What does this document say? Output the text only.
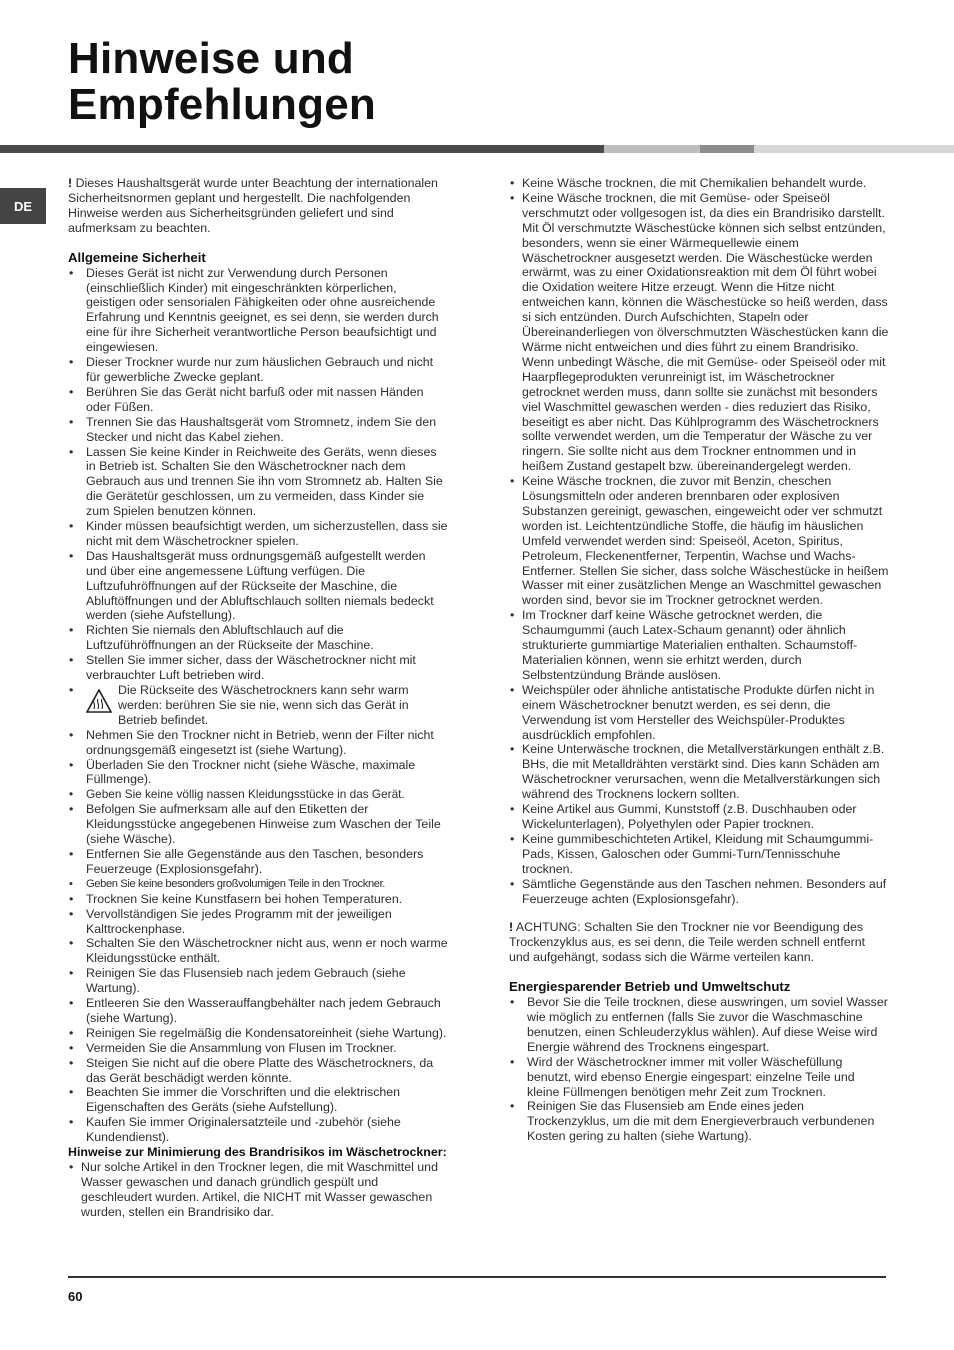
Hinweise und
Empfehlungen
DE

! Dieses Haushaltsgerät wurde unter Beachtung der internationalen Sicherheitsnormen geplant und hergestellt. Die nachfolgenden Hinweise werden aus Sicherheitsgründen geliefert und sind aufmerksam zu beachten.

Allgemeine Sicherheit
• Dieses Gerät ist nicht zur Verwendung durch Personen (einschließlich Kinder) mit eingeschränkten körperlichen, geistigen oder sensorialen Fähigkeiten oder ohne ausreichende Erfahrung und Kenntnis geeignet, es sei denn, sie werden durch eine für ihre Sicherheit verantwortliche Person beaufsichtigt und eingewiesen.
• Dieser Trockner wurde nur zum häuslichen Gebrauch und nicht für gewerbliche Zwecke geplant.
• Berühren Sie das Gerät nicht barfuß oder mit nassen Händen oder Füßen.
• Trennen Sie das Haushaltsgerät vom Stromnetz, indem Sie den Stecker und nicht das Kabel ziehen.
• Lassen Sie keine Kinder in Reichweite des Geräts, wenn dieses in Betrieb ist. Schalten Sie den Wäschetrockner nach dem Gebrauch aus und trennen Sie ihn vom Stromnetz ab. Halten Sie die Gerätetür geschlossen, um zu vermeiden, dass Kinder sie zum Spielen benutzen können.
• Kinder müssen beaufsichtigt werden, um sicherzustellen, dass sie nicht mit dem Wäschetrockner spielen.
• Das Haushaltsgerät muss ordnungsgemäß aufgestellt werden und über eine angemessene Lüftung verfügen. Die Luftzufuhröffnungen auf der Rückseite der Maschine, die Abluftöffnungen und der Abluftschlauch sollten niemals bedeckt werden (siehe Aufstellung).
• Richten Sie niemals den Abluftschlauch auf die Luftzuführöffnungen an der Rückseite der Maschine.
• Stellen Sie immer sicher, dass der Wäschetrockner nicht mit verbrauchter Luft betrieben wird.
•	Die Rückseite des Wäschetrockners kann sehr warm werden: berühren Sie sie nie, wenn sich das Gerät in Betrieb befindet.
• Nehmen Sie den Trockner nicht in Betrieb, wenn der Filter nicht ordnungsgemäß eingesetzt ist (siehe Wartung).
• Überladen Sie den Trockner nicht (siehe Wäsche, maximale Füllmenge).
• Geben Sie keine völlig nassen Kleidungsstücke in das Gerät.
• Befolgen Sie aufmerksam alle auf den Etiketten der Kleidungsstücke angegebenen Hinweise zum Waschen der Teile (siehe Wäsche).
• Entfernen Sie alle Gegenstände aus den Taschen, besonders Feuerzeuge (Explosionsgefahr).
• Geben Sie keine besonders großvolumigen Teile in den Trockner.
• Trocknen Sie keine Kunstfasern bei hohen Temperaturen.
• Vervollständigen Sie jedes Programm mit der jeweiligen Kalttrockenphase.
• Schalten Sie den Wäschetrockner nicht aus, wenn er noch warme Kleidungsstücke enthält.
• Reinigen Sie das Flusensieb nach jedem Gebrauch (siehe Wartung).
• Entleeren Sie den Wasserauffangbehälter nach jedem Gebrauch (siehe Wartung).
• Reinigen Sie regelmäßig die Kondensatoreinheit (siehe Wartung).
• Vermeiden Sie die Ansammlung von Flusen im Trockner.
• Steigen Sie nicht auf die obere Platte des Wäschetrockners, da das Gerät beschädigt werden könnte.
• Beachten Sie immer die Vorschriften und die elektrischen Eigenschaften des Geräts (siehe Aufstellung).
• Kaufen Sie immer Originalersatzteile und -zubehör (siehe Kundendienst).

Hinweise zur Minimierung des Brandrisikos im Wäschetrockner:

• Nur solche Artikel in den Trockner legen, die mit Waschmittel und Wasser gewaschen und danach gründlich gespült und geschleudert wurden. Artikel, die NICHT mit Wasser gewaschen wurden, stellen ein Brandrisiko dar.
• Keine Wäsche trocknen, die mit Chemikalien behandelt wurde.
• Keine Wäsche trocknen, die mit Gemüse- oder Speiseöl verschmutzt oder vollgesogen ist, da dies ein Brandrisiko darstellt. Mit Öl verschmutzte Wäschestücke können sich selbst entzünden, besonders, wenn sie einer Wärmequellewie einem Wäschetrockner ausgesetzt werden. Die Wäschestücke werden erwärmt, was zu einer Oxidationsreaktion mit dem Öl führt wobei die Oxidation weitere Hitze erzeugt. Wenn die Hitze nicht entweichen kann, können die Wäschestücke so heiß werden, dass si sich entzünden. Durch Aufschichten, Stapeln oder Übereinanderliegen von ölverschmutzten Wäschestücken kann die Wärme nicht entweichen und dies führt zu einem Brandrisiko.
Wenn unbedingt Wäsche, die mit Gemüse- oder Speiseöl oder mit Haarpflegeprodukten verunreinigt ist, im Wäschetrockner getrocknet werden muss, dann sollte sie zunächst mit besonders viel Waschmittel gewaschen werden - dies reduziert das Risiko, beseitigt es aber nicht. Das Kühlprogramm des Wäschetrockners sollte verwendet werden, um die Temperatur der Wäsche zu ver ringern. Sie sollte nicht aus dem Trockner entnommen und in heißem Zustand gestapelt bzw. übereinandergelegt werden.
• Keine Wäsche trocknen, die zuvor mit Benzin, cheschen Lösungsmitteln oder anderen brennbaren oder explosiven Substanzen gereinigt, gewaschen, eingeweicht oder ver schmutzt worden ist. Leichtentzündliche Stoffe, die häufig im häuslichen Umfeld verwendet werden sind: Speiseöl, Aceton, Spiritus, Petroleum, Fleckenentferner, Terpentin, Wachse und Wachs-Entferner. Stellen Sie sicher, dass solche Wäschestücke in heißem Wasser mit einer zusätzlichen Menge an Waschmittel gewaschen worden sind, bevor sie im Trockner getrocknet werden.
• Im Trockner darf keine Wäsche getrocknet werden, die Schaumgummi (auch Latex-Schaum genannt) oder ähnlich strukturierte gummiartige Materialien enthalten. Schaumstoff-Materialien können, wenn sie erhitzt werden, durch Selbstentzündung Brände auslösen.
• Weichspüler oder ähnliche antistatische Produkte dürfen nicht in einem Wäschetrockner benutzt werden, es sei denn, die Verwendung ist vom Hersteller des Weichspüler-Produktes ausdrücklich empfohlen.
• Keine Unterwäsche trocknen, die Metallverstärkungen enthält z.B. BHs, die mit Metalldrähten verstärkt sind. Dies kann Schäden am Wäschetrockner verursachen, wenn die Metallverstärkungen sich während des Trocknens lockern sollten.
• Keine Artikel aus Gummi, Kunststoff (z.B. Duschhauben oder Wickelunterlagen), Polyethylen oder Papier trocknen.
• Keine gummibeschichteten Artikel, Kleidung mit Schaumgummi-Pads, Kissen, Galoschen oder Gummi-Turn/Tennisschuhe trocknen.
• Sämtliche Gegenstände aus den Taschen nehmen. Besonders auf Feuerzeuge achten (Explosionsgefahr).

! ACHTUNG: Schalten Sie den Trockner nie vor Beendigung des Trockenzyklus aus, es sei denn, die Teile werden schnell entfernt und aufgehängt, sodass sich die Wärme verteilen kann.

Energiesparender Betrieb und Umweltschutz
• Bevor Sie die Teile trocknen, diese auswringen, um soviel Wasser wie möglich zu entfernen (falls Sie zuvor die Waschmaschine benutzen, einen Schleuderzyklus wählen). Auf diese Weise wird Energie während des Trocknens eingespart.
• Wird der Wäschetrockner immer mit voller Wäschefüllung benutzt, wird ebenso Energie eingespart: einzelne Teile und kleine Füllmengen benötigen mehr Zeit zum Trocknen.
• Reinigen Sie das Flusensieb am Ende eines jeden Trockenzyklus, um die mit dem Energieverbrauch verbundenen Kosten gering zu halten (siehe Wartung).
60
